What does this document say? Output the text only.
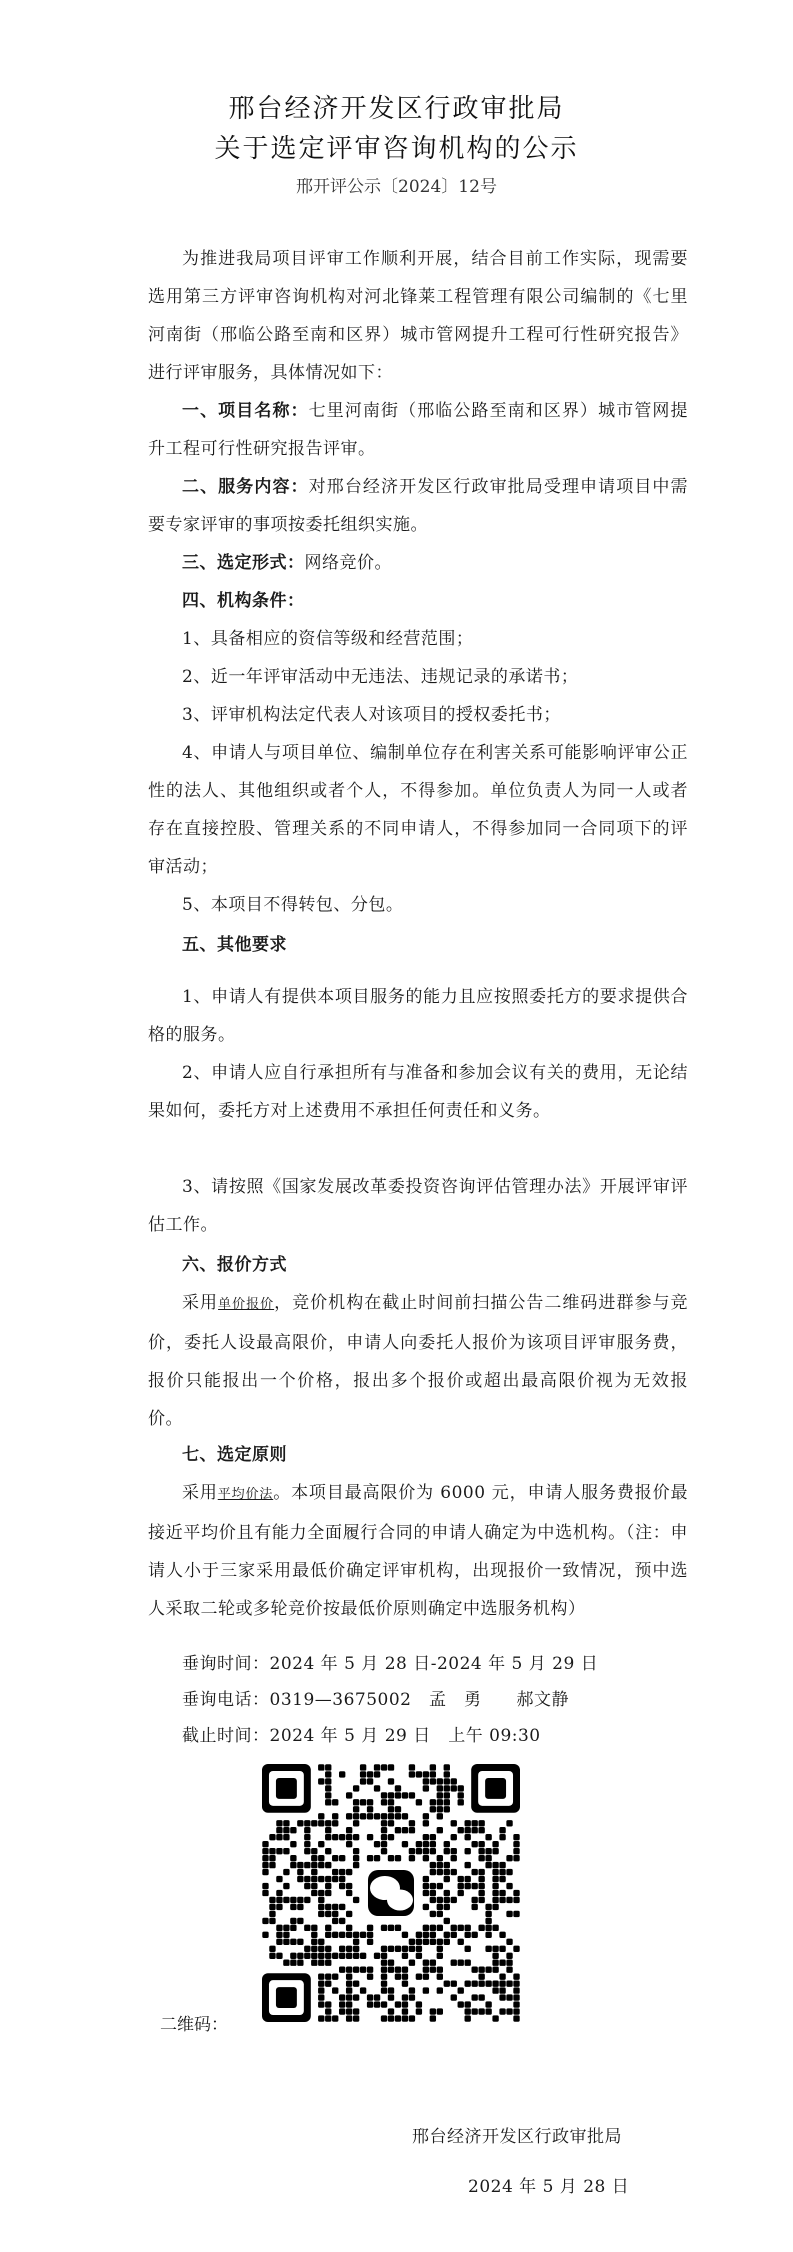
邢台经济开发区行政审批局
关于选定评审咨询机构的公示
邢开评公示〔2024〕12号

为推进我局项目评审工作顺利开展，结合目前工作实际，现需要选用第三方评审咨询机构对河北锋莱工程管理有限公司编制的《七里河南街（邢临公路至南和区界）城市管网提升工程可行性研究报告》进行评审服务，具体情况如下：

一、项目名称：七里河南街（邢临公路至南和区界）城市管网提升工程可行性研究报告评审。

二、服务内容：对邢台经济开发区行政审批局受理申请项目中需要专家评审的事项按委托组织实施。

三、选定形式：网络竞价。

四、机构条件：

1、具备相应的资信等级和经营范围；

2、近一年评审活动中无违法、违规记录的承诺书；

3、评审机构法定代表人对该项目的授权委托书；

4、申请人与项目单位、编制单位存在利害关系可能影响评审公正性的法人、其他组织或者个人，不得参加。单位负责人为同一人或者存在直接控股、管理关系的不同申请人，不得参加同一合同项下的评审活动；

5、本项目不得转包、分包。

五、其他要求

1、申请人有提供本项目服务的能力且应按照委托方的要求提供合格的服务。

2、申请人应自行承担所有与准备和参加会议有关的费用，无论结果如何，委托方对上述费用不承担任何责任和义务。

3、请按照《国家发展改革委投资咨询评估管理办法》开展评审评估工作。

六、报价方式

采用单价报价，竞价机构在截止时间前扫描公告二维码进群参与竞价，委托人设最高限价，申请人向委托人报价为该项目评审服务费，报价只能报出一个价格，报出多个报价或超出最高限价视为无效报价。

七、选定原则

采用平均价法。本项目最高限价为 6000 元，申请人服务费报价最接近平均价且有能力全面履行合同的申请人确定为中选机构。（注：申请人小于三家采用最低价确定评审机构，出现报价一致情况，预中选人采取二轮或多轮竞价按最低价原则确定中选服务机构）

垂询时间：2024 年 5 月 28 日-2024 年 5 月 29 日
垂询电话：0319—3675002　孟　勇　　郝文静
截止时间：2024 年 5 月 29 日　上午 09:30
二维码：
邢台经济开发区行政审批局
2024 年 5 月 28 日
